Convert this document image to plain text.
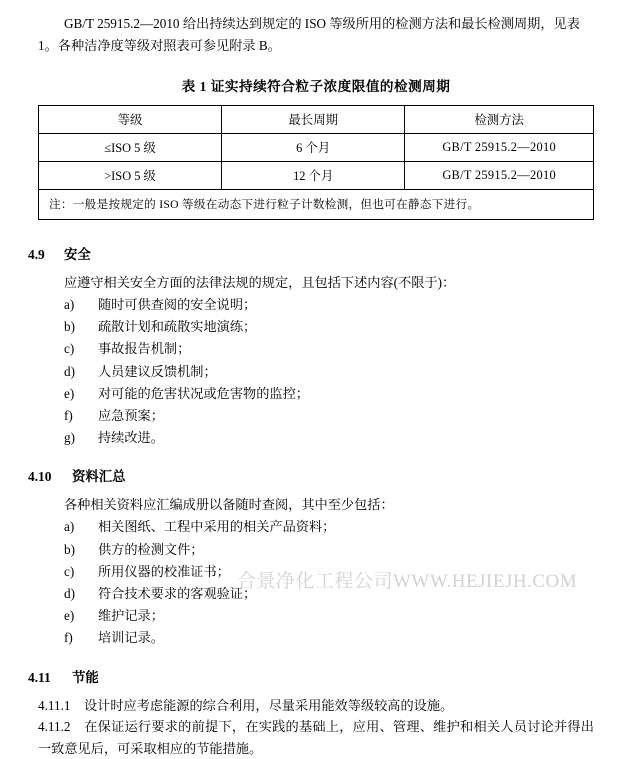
GB/T 25915.2—2010 给出持续达到规定的 ISO 等级所用的检测方法和最长检测周期，见表 1。各种洁净度等级对照表可参见附录 B。
表 1 证实持续符合粒子浓度限值的检测周期
等级	最长周期	检测方法
≤ISO 5 级	6 个月	GB/T 25915.2—2010
>ISO 5 级	12 个月	GB/T 25915.2—2010
注：一般是按规定的 ISO 等级在动态下进行粒子计数检测，但也可在静态下进行。		
4.9 安全
应遵守相关安全方面的法律法规的规定，且包括下述内容(不限于)：
a) 随时可供查阅的安全说明；
b) 疏散计划和疏散实地演练；
c) 事故报告机制；
d) 人员建议反馈机制；
e) 对可能的危害状况或危害物的监控；
f) 应急预案；
g) 持续改进。
4.10 资料汇总
各种相关资料应汇编成册以备随时查阅，其中至少包括：
a) 相关图纸、工程中采用的相关产品资料；
b) 供方的检测文件；
c) 所用仪器的校准证书；
d) 符合技术要求的客观验证；
e) 维护记录；
f) 培训记录。
4.11 节能
4.11.1 设计时应考虑能源的综合利用，尽量采用能效等级较高的设施。
4.11.2 在保证运行要求的前提下，在实践的基础上，应用、管理、维护和相关人员讨论并得出一致意见后，可采取相应的节能措施。
合景净化工程公司WWW.HEJIEJH.COM
